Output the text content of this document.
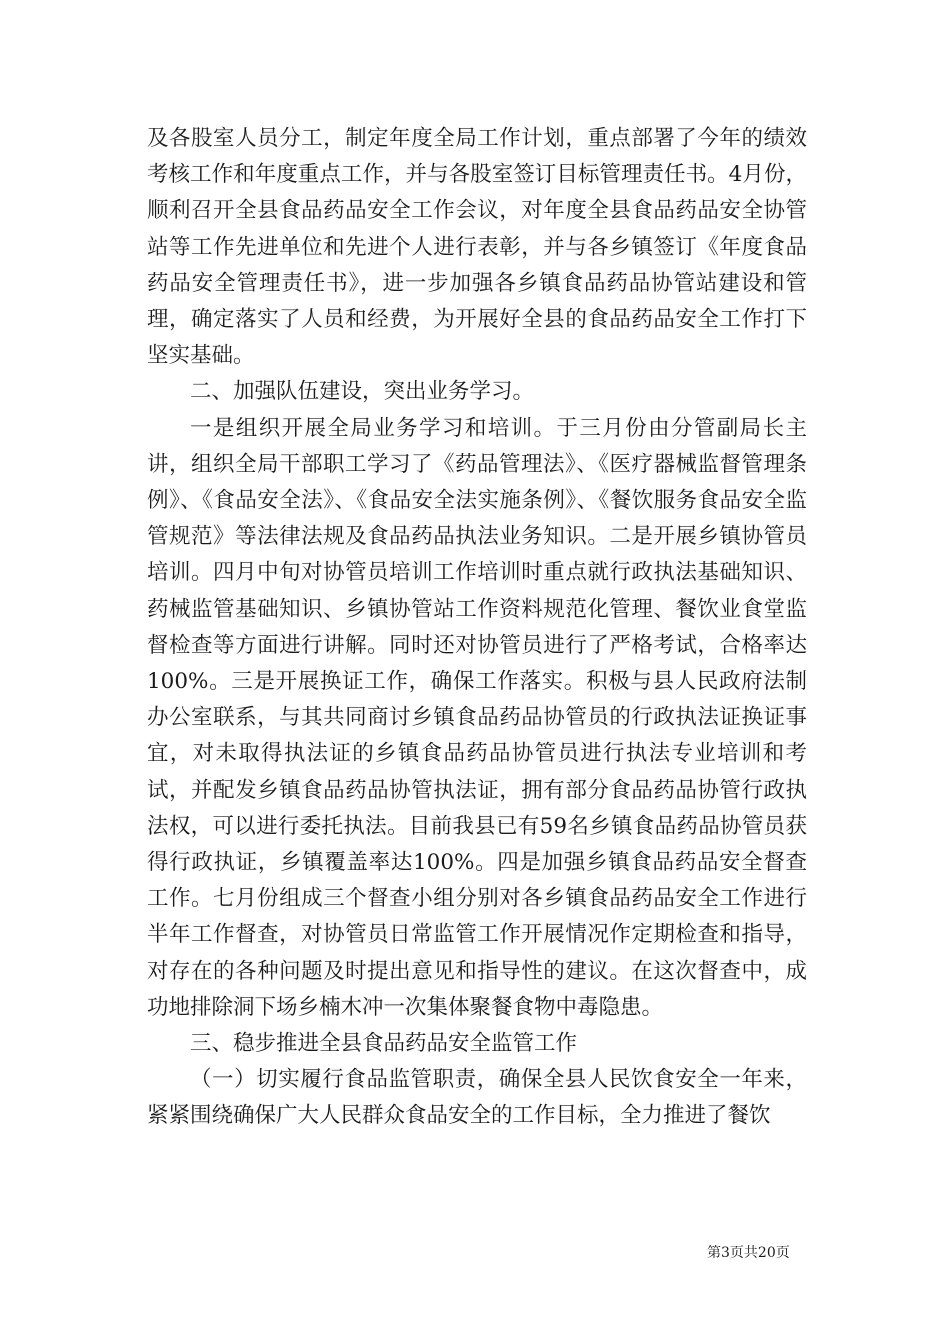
及各股室人员分工，制定年度全局工作计划，重点部署了今年的绩效考核工作和年度重点工作，并与各股室签订目标管理责任书。4月份，顺利召开全县食品药品安全工作会议，对年度全县食品药品安全协管站等工作先进单位和先进个人进行表彰，并与各乡镇签订《年度食品药品安全管理责任书》，进一步加强各乡镇食品药品协管站建设和管理，确定落实了人员和经费，为开展好全县的食品药品安全工作打下坚实基础。

二、加强队伍建设，突出业务学习。

一是组织开展全局业务学习和培训。于三月份由分管副局长主讲，组织全局干部职工学习了《药品管理法》、《医疗器械监督管理条例》、《食品安全法》、《食品安全法实施条例》、《餐饮服务食品安全监管规范》等法律法规及食品药品执法业务知识。二是开展乡镇协管员培训。四月中旬对协管员培训工作培训时重点就行政执法基础知识、药械监管基础知识、乡镇协管站工作资料规范化管理、餐饮业食堂监督检查等方面进行讲解。同时还对协管员进行了严格考试，合格率达100%。三是开展换证工作，确保工作落实。积极与县人民政府法制办公室联系，与其共同商讨乡镇食品药品协管员的行政执法证换证事宜，对未取得执法证的乡镇食品药品协管员进行执法专业培训和考试，并配发乡镇食品药品协管执法证，拥有部分食品药品协管行政执法权，可以进行委托执法。目前我县已有59名乡镇食品药品协管员获得行政执证，乡镇覆盖率达100%。四是加强乡镇食品药品安全督查工作。七月份组成三个督查小组分别对各乡镇食品药品安全工作进行半年工作督查，对协管员日常监管工作开展情况作定期检查和指导，对存在的各种问题及时提出意见和指导性的建议。在这次督查中，成功地排除洞下场乡楠木冲一次集体聚餐食物中毒隐患。

三、稳步推进全县食品药品安全监管工作

（一）切实履行食品监管职责，确保全县人民饮食安全一年来，紧紧围绕确保广大人民群众食品安全的工作目标，全力推进了餐饮

第3页共20页
